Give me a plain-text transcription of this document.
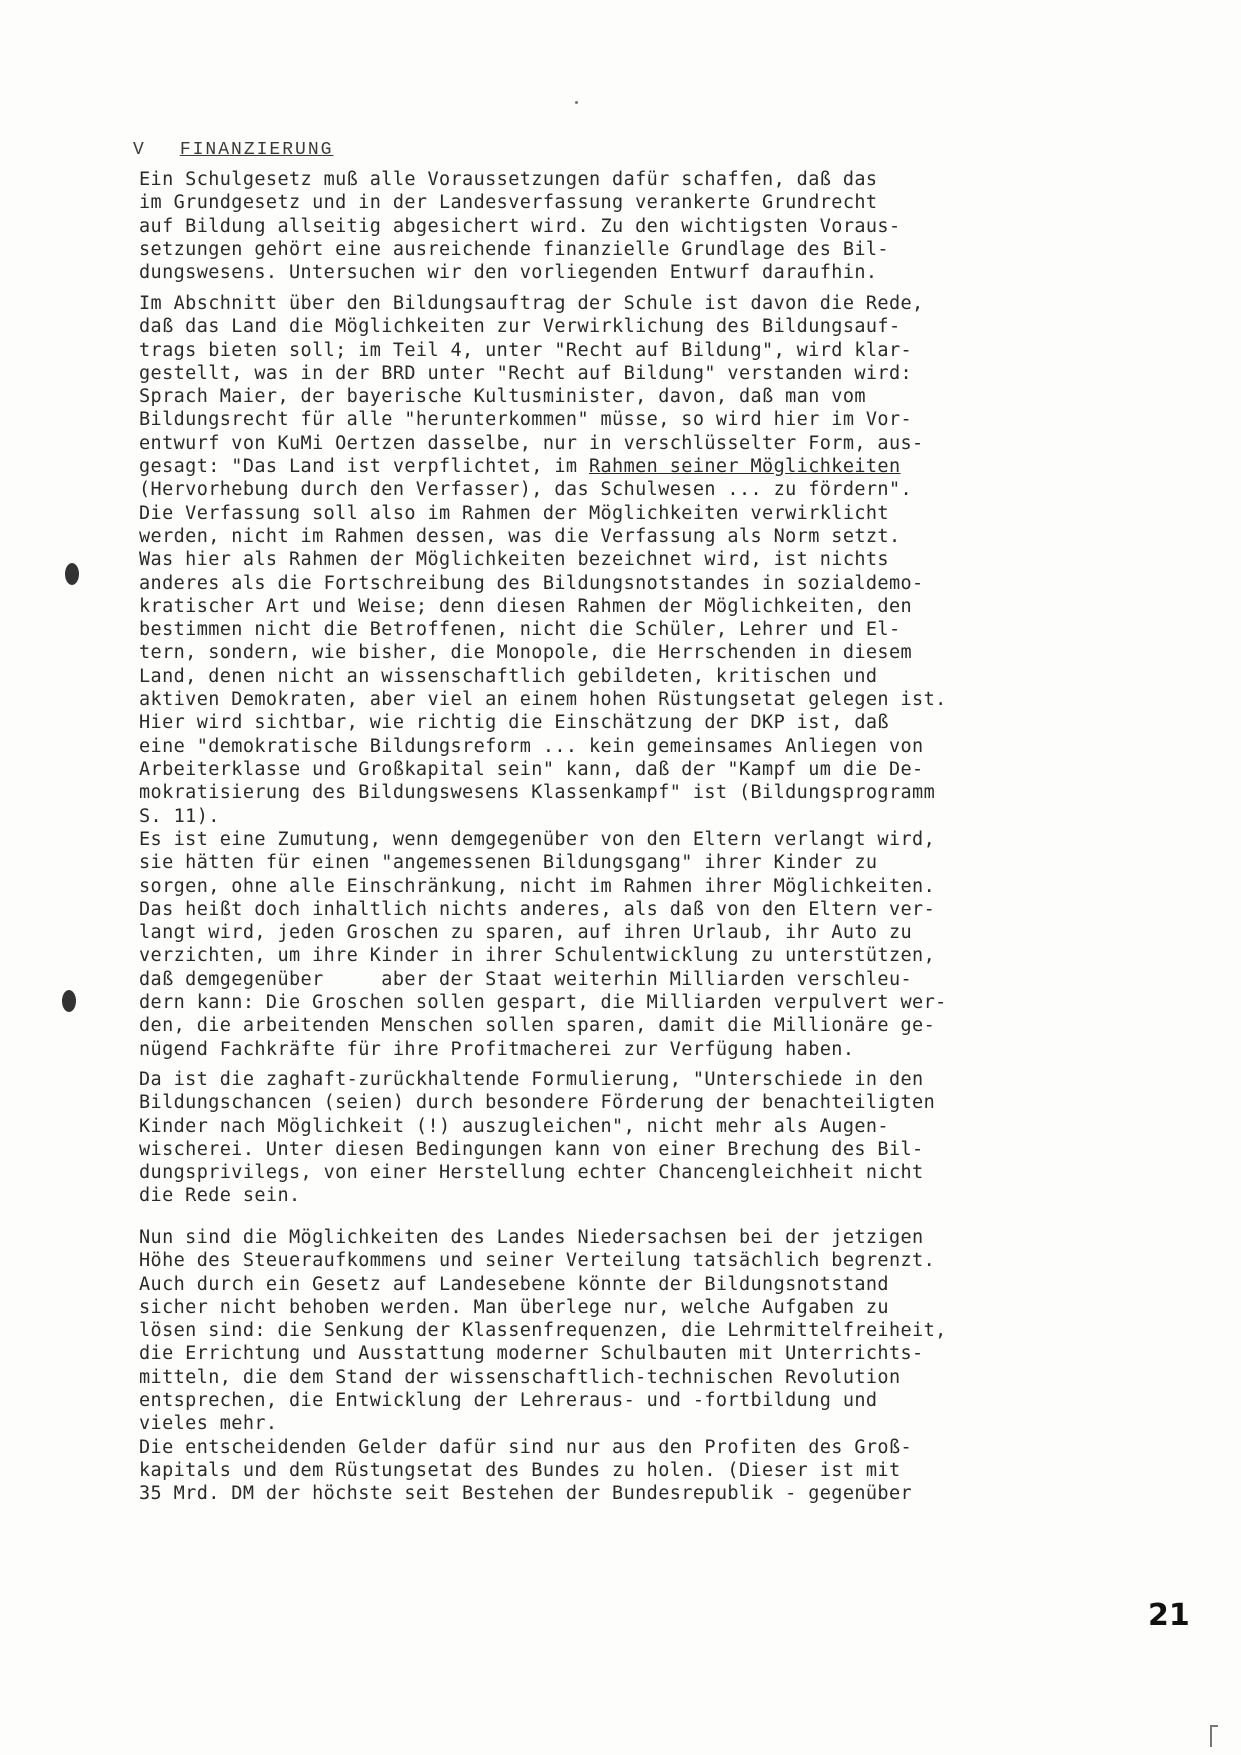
V FINANZIERUNG
Ein Schulgesetz muß alle Voraussetzungen dafür schaffen, daß das
im Grundgesetz und in der Landesverfassung verankerte Grundrecht
auf Bildung allseitig abgesichert wird. Zu den wichtigsten Voraus-
setzungen gehört eine ausreichende finanzielle Grundlage des Bil-
dungswesens. Untersuchen wir den vorliegenden Entwurf daraufhin.
Im Abschnitt über den Bildungsauftrag der Schule ist davon die Rede,
daß das Land die Möglichkeiten zur Verwirklichung des Bildungsauf-
trags bieten soll; im Teil 4, unter "Recht auf Bildung", wird klar-
gestellt, was in der BRD unter "Recht auf Bildung" verstanden wird:
Sprach Maier, der bayerische Kultusminister, davon, daß man vom
Bildungsrecht für alle "herunterkommen" müsse, so wird hier im Vor-
entwurf von KuMi Oertzen dasselbe, nur in verschlüsselter Form, aus-
gesagt: "Das Land ist verpflichtet, im Rahmen seiner Möglichkeiten
(Hervorhebung durch den Verfasser), das Schulwesen ... zu fördern".
Die Verfassung soll also im Rahmen der Möglichkeiten verwirklicht
werden, nicht im Rahmen dessen, was die Verfassung als Norm setzt.
Was hier als Rahmen der Möglichkeiten bezeichnet wird, ist nichts
anderes als die Fortschreibung des Bildungsnotstandes in sozialdemo-
kratischer Art und Weise; denn diesen Rahmen der Möglichkeiten, den
bestimmen nicht die Betroffenen, nicht die Schüler, Lehrer und El-
tern, sondern, wie bisher, die Monopole, die Herrschenden in diesem
Land, denen nicht an wissenschaftlich gebildeten, kritischen und
aktiven Demokraten, aber viel an einem hohen Rüstungsetat gelegen ist.
Hier wird sichtbar, wie richtig die Einschätzung der DKP ist, daß
eine "demokratische Bildungsreform ... kein gemeinsames Anliegen von
Arbeiterklasse und Großkapital sein" kann, daß der "Kampf um die De-
mokratisierung des Bildungswesens Klassenkampf" ist (Bildungsprogramm
S. 11).
Es ist eine Zumutung, wenn demgegenüber von den Eltern verlangt wird,
sie hätten für einen "angemessenen Bildungsgang" ihrer Kinder zu
sorgen, ohne alle Einschränkung, nicht im Rahmen ihrer Möglichkeiten.
Das heißt doch inhaltlich nichts anderes, als daß von den Eltern ver-
langt wird, jeden Groschen zu sparen, auf ihren Urlaub, ihr Auto zu
verzichten, um ihre Kinder in ihrer Schulentwicklung zu unterstützen,
daß demgegenüber     aber der Staat weiterhin Milliarden verschleu-
dern kann: Die Groschen sollen gespart, die Milliarden verpulvert wer-
den, die arbeitenden Menschen sollen sparen, damit die Millionäre ge-
nügend Fachkräfte für ihre Profitmacherei zur Verfügung haben.
Da ist die zaghaft-zurückhaltende Formulierung, "Unterschiede in den
Bildungschancen (seien) durch besondere Förderung der benachteiligten
Kinder nach Möglichkeit (!) auszugleichen", nicht mehr als Augen-
wischerei. Unter diesen Bedingungen kann von einer Brechung des Bil-
dungsprivilegs, von einer Herstellung echter Chancengleichheit nicht
die Rede sein.
Nun sind die Möglichkeiten des Landes Niedersachsen bei der jetzigen
Höhe des Steueraufkommens und seiner Verteilung tatsächlich begrenzt.
Auch durch ein Gesetz auf Landesebene könnte der Bildungsnotstand
sicher nicht behoben werden. Man überlege nur, welche Aufgaben zu
lösen sind: die Senkung der Klassenfrequenzen, die Lehrmittelfreiheit,
die Errichtung und Ausstattung moderner Schulbauten mit Unterrichts-
mitteln, die dem Stand der wissenschaftlich-technischen Revolution
entsprechen, die Entwicklung der Lehreraus- und -fortbildung und
vieles mehr.
Die entscheidenden Gelder dafür sind nur aus den Profiten des Groß-
kapitals und dem Rüstungsetat des Bundes zu holen. (Dieser ist mit
35 Mrd. DM der höchste seit Bestehen der Bundesrepublik - gegenüber
21
